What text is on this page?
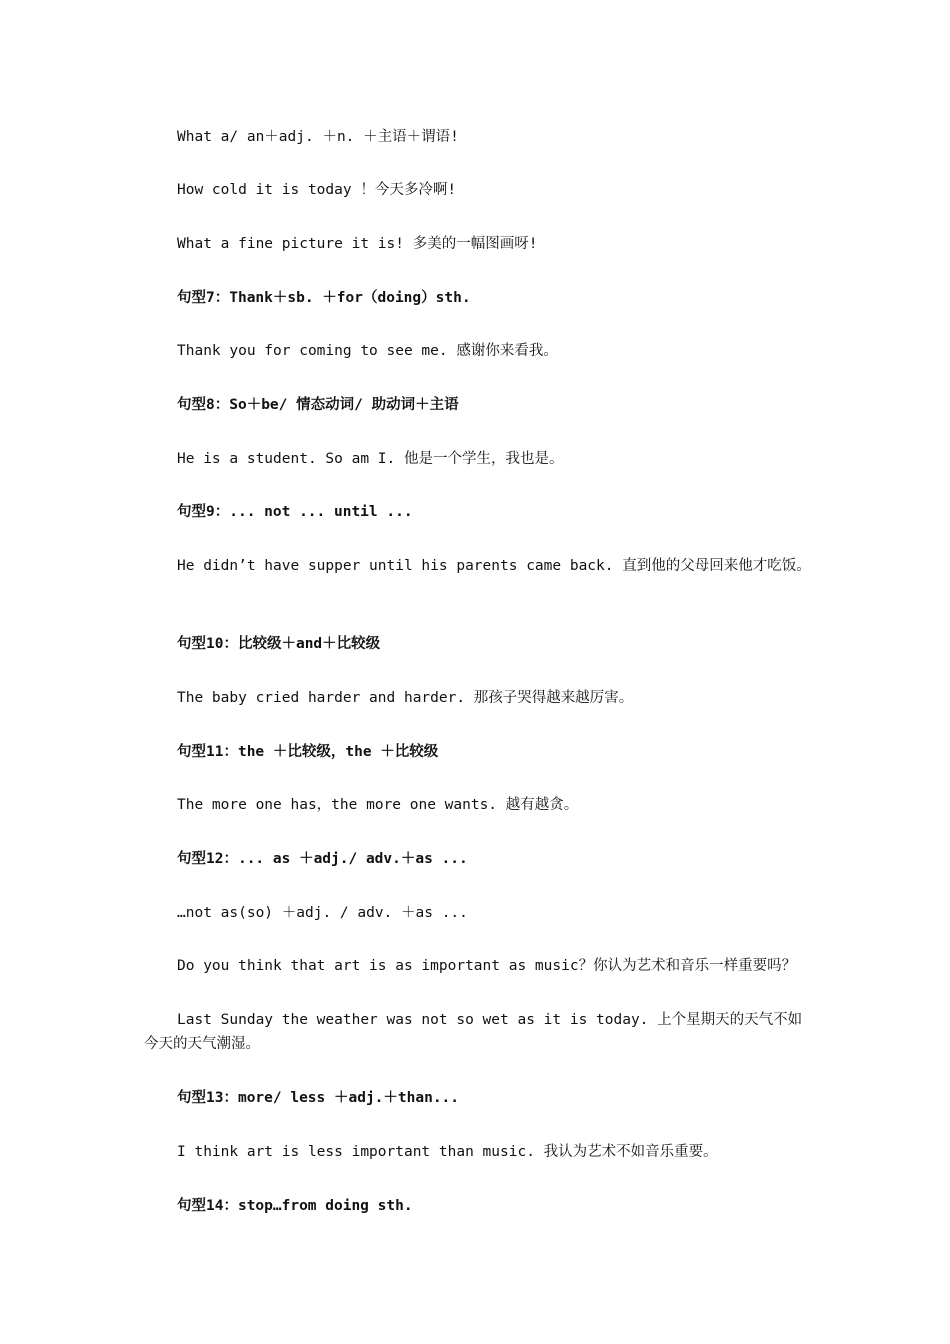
What a/ an＋adj. ＋n. ＋主语＋谓语!

How cold it is today ！今天多冷啊!

What a fine picture it is! 多美的一幅图画呀!

句型7：Thank＋sb. ＋for（doing）sth.

Thank you for coming to see me. 感谢你来看我。

句型8：So＋be/ 情态动词/ 助动词＋主语

He is a student. So am I. 他是一个学生，我也是。

句型9：... not ... until ...

He didn’t have supper until his parents came back. 直到他的父母回来他才吃饭。

句型10：比较级＋and＋比较级

The baby cried harder and harder. 那孩子哭得越来越厉害。

句型11：the ＋比较级，the ＋比较级

The more one has，the more one wants. 越有越贪。

句型12：... as ＋adj./ adv.＋as ...

…not as(so) ＋adj. / adv. ＋as ...

Do you think that art is as important as music？你认为艺术和音乐一样重要吗？

Last Sunday the weather was not so wet as it is today. 上个星期天的天气不如今天的天气潮湿。

句型13：more/ less ＋adj.＋than...

I think art is less important than music. 我认为艺术不如音乐重要。

句型14：stop…from doing sth.
